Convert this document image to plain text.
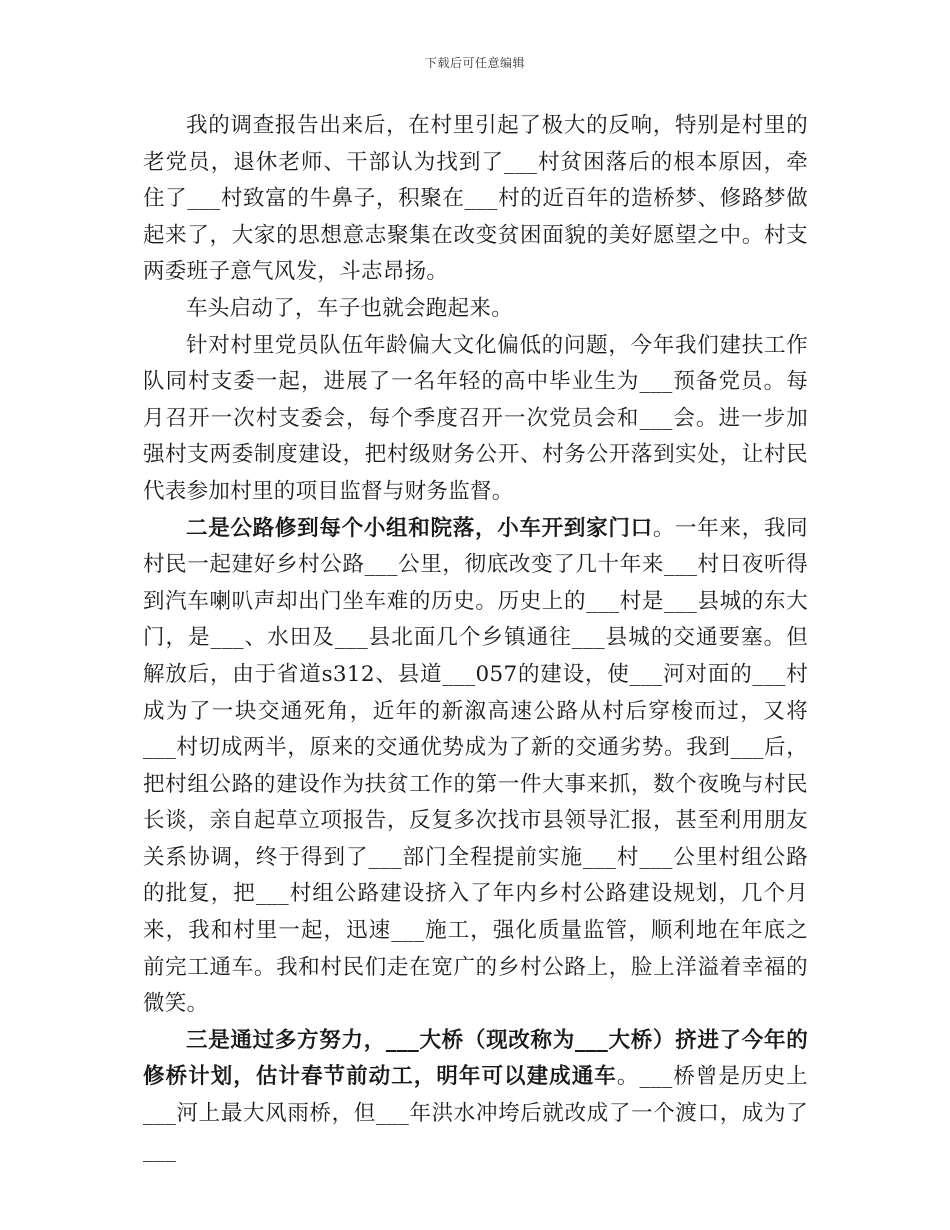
下载后可任意编辑

我的调查报告出来后，在村里引起了极大的反响，特别是村里的老党员，退休老师、干部认为找到了___村贫困落后的根本原因，牵住了___村致富的牛鼻子，积聚在___村的近百年的造桥梦、修路梦做起来了，大家的思想意志聚集在改变贫困面貌的美好愿望之中。村支两委班子意气风发，斗志昂扬。

车头启动了，车子也就会跑起来。

针对村里党员队伍年龄偏大文化偏低的问题，今年我们建扶工作队同村支委一起，进展了一名年轻的高中毕业生为___预备党员。每月召开一次村支委会，每个季度召开一次党员会和___会。进一步加强村支两委制度建设，把村级财务公开、村务公开落到实处，让村民代表参加村里的项目监督与财务监督。

二是公路修到每个小组和院落，小车开到家门口。一年来，我同村民一起建好乡村公路___公里，彻底改变了几十年来___村日夜听得到汽车喇叭声却出门坐车难的历史。历史上的___村是___县城的东大门，是___、水田及___县北面几个乡镇通往___县城的交通要塞。但解放后，由于省道s312、县道___057的建设，使___河对面的___村成为了一块交通死角，近年的新溆高速公路从村后穿梭而过，又将___村切成两半，原来的交通优势成为了新的交通劣势。我到___后，把村组公路的建设作为扶贫工作的第一件大事来抓，数个夜晚与村民长谈，亲自起草立项报告，反复多次找市县领导汇报，甚至利用朋友关系协调，终于得到了___部门全程提前实施___村___公里村组公路的批复，把___村组公路建设挤入了年内乡村公路建设规划，几个月来，我和村里一起，迅速___施工，强化质量监管，顺利地在年底之前完工通车。我和村民们走在宽广的乡村公路上，脸上洋溢着幸福的微笑。

三是通过多方努力，___大桥（现改称为___大桥）挤进了今年的修桥计划，估计春节前动工，明年可以建成通车。___桥曾是历史上___河上最大风雨桥，但___年洪水冲垮后就改成了一个渡口，成为了___
